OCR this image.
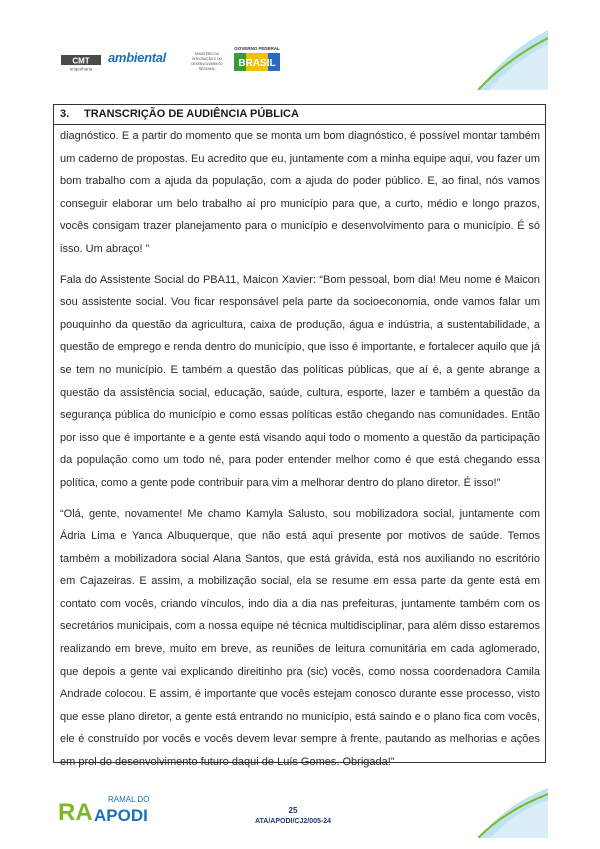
CMT
engenharia
ambiental	MINISTÉRIO DA
INTEGRAÇÃO E DO
DESENVOLVIMENTO
REGIONAL
GOVERNO FEDERAL
BRASIL
3. TRANSCRIÇÃO DE AUDIÊNCIA PÚBLICA

diagnóstico. E a partir do momento que se monta um bom diagnóstico, é possível montar também um caderno de propostas. Eu acredito que eu, juntamente com a minha equipe aqui, vou fazer um bom trabalho com a ajuda da população, com a ajuda do poder público. E, ao final, nós vamos conseguir elaborar um belo trabalho aí pro município para que, a curto, médio e longo prazos, vocês consigam trazer planejamento para o município e desenvolvimento para o município. É só isso. Um abraço! ”

Fala do Assistente Social do PBA11, Maicon Xavier: “Bom pessoal, bom dia! Meu nome é Maicon sou assistente social. Vou ficar responsável pela parte da socioeconomia, onde vamos falar um pouquinho da questão da agricultura, caixa de produção, água e indústria, a sustentabilidade, a questão de emprego e renda dentro do município, que isso é importante, e fortalecer aquilo que já se tem no município. E também a questão das políticas públicas, que aí é, a gente abrange a questão da assistência social, educação, saúde, cultura, esporte, lazer e também a questão da segurança pública do município e como essas políticas estão chegando nas comunidades. Então por isso que é importante e a gente está visando aqui todo o momento a questão da participação da população como um todo né, para poder entender melhor como é que está chegando essa política, como a gente pode contribuir para vim a melhorar dentro do plano diretor. É isso!”

“Olá, gente, novamente! Me chamo Kamyla Salusto, sou mobilizadora social, juntamente com Ádria Lima e Yanca Albuquerque, que não está aqui presente por motivos de saúde. Temos também a mobilizadora social Alana Santos, que está grávida, está nos auxiliando no escritório em Cajazeiras. E assim, a mobilização social, ela se resume em essa parte da gente está em contato com vocês, criando vínculos, indo dia a dia nas prefeituras, juntamente também com os secretários municipais, com a nossa equipe né técnica multidisciplinar, para além disso estaremos realizando em breve, muito em breve, as reuniões de leitura comunitária em cada aglomerado, que depois a gente vai explicando direitinho pra (sic) vocês, como nossa coordenadora Camila Andrade colocou. E assim, é importante que vocês estejam conosco durante esse processo, visto que esse plano diretor, a gente está entrando no município, está saindo e o plano fica com vocês, ele é construído por vocês e vocês devem levar sempre à frente, pautando as melhorias e ações em prol do desenvolvimento futuro daqui de Luís Gomes. Obrigada!”

RA RAMAL DO
APODI	25
ATA/APODI/CJ2/005-24
